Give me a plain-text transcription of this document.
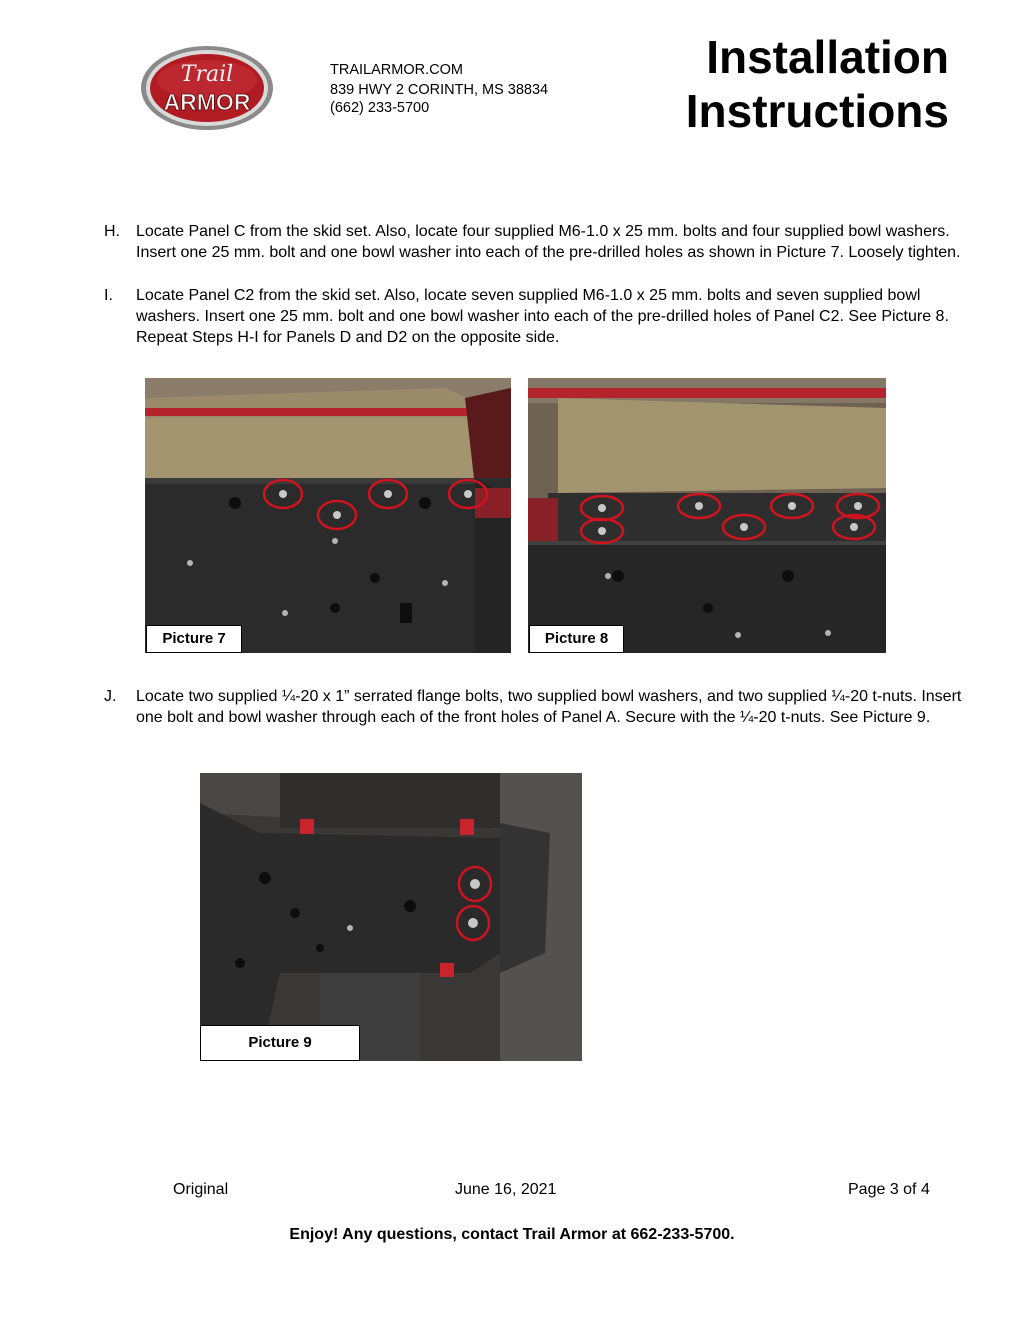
Trail
ARMOR
TRAILARMOR.COM
839 HWY 2 CORINTH, MS 38834
(662) 233-5700
Installation
Instructions
H. Locate Panel C from the skid set. Also, locate four supplied M6-1.0 x 25 mm. bolts and four supplied bowl washers. Insert one 25 mm. bolt and one bowl washer into each of the pre-drilled holes as shown in Picture 7. Loosely tighten.
I. Locate Panel C2 from the skid set. Also, locate seven supplied M6-1.0 x 25 mm. bolts and seven supplied bowl washers. Insert one 25 mm. bolt and one bowl washer into each of the pre-drilled holes of Panel C2. See Picture 8. Repeat Steps H-I for Panels D and D2 on the opposite side.
Picture 7	Picture 8
J. Locate two supplied ¼-20 x 1” serrated flange bolts, two supplied bowl washers, and two supplied ¼-20 t-nuts. Insert one bolt and bowl washer through each of the front holes of Panel A. Secure with the ¼-20 t-nuts. See Picture 9.
Picture 9
Original	June 16, 2021	Page 3 of 4
Enjoy! Any questions, contact Trail Armor at 662-233-5700.
